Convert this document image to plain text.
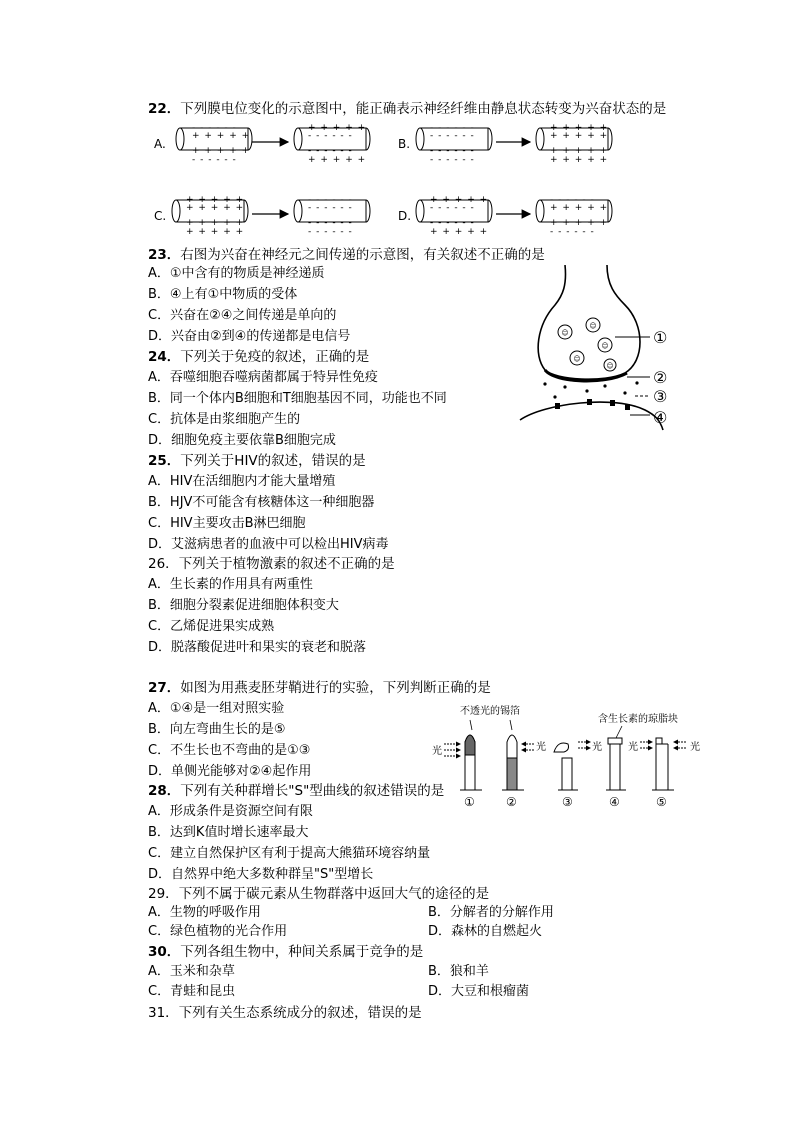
22．下列膜电位变化的示意图中，能正确表示神经纤维由静息状态转变为兴奋状态的是
A.
- - - - - -
+ + + + +
+ + + + +
- - - - - -
+ + + + +
- - - - - -
- - - - - -
+ + + + +
B.
- - - - - -
- - - - - -
- - - - - -
- - - - - -
+ + + + +
+ + + + +
+ + + + +
+ + + + +
C.
+ + + + +
+ + + + +
+ + + + +
+ + + + +
- - - - - -
- - - - - -
- - - - - -
- - - - - -
D.
+ + + + +
- - - - - -
- - - - - -
+ + + + +
- - - - - -
+ + + + +
+ + + + +
- - - - - -
23．右图为兴奋在神经元之间传递的示意图，有关叙述不正确的是
A．①中含有的物质是神经递质
B．④上有①中物质的受体
C．兴奋在②④之间传递是单向的
D．兴奋由②到④的传递都是电信号	☺
☺
☺
☺
☺
①
②
③
④
24．下列关于免疫的叙述，正确的是
A．吞噬细胞吞噬病菌都属于特异性免疫
B．同一个体内B细胞和T细胞基因不同，功能也不同
C．抗体是由浆细胞产生的
D．细胞免疫主要依靠B细胞完成
25．下列关于HIV的叙述，错误的是
A．HIV在活细胞内才能大量增殖
B．HJV不可能含有核糖体这一种细胞器
C．HIV主要攻击B淋巴细胞
D．艾滋病患者的血液中可以检出HIV病毒
26．下列关于植物激素的叙述不正确的是
A．生长素的作用具有两重性
B．细胞分裂素促进细胞体积变大
C．乙烯促进果实成熟
D．脱落酸促进叶和果实的衰老和脱落
27．如图为用燕麦胚芽鞘进行的实验，下列判断正确的是
A．①④是一组对照实验
B．向左弯曲生长的是⑤
C．不生长也不弯曲的是①③
D．单侧光能够对②④起作用
不透光的锡箔
含生长素的琼脂块
光
①
光
②	③
光
④
光	光
⑤
28．下列有关种群增长"S"型曲线的叙述错误的是
A．形成条件是资源空间有限
B．达到K值时增长速率最大
C．建立自然保护区有利于提高大熊猫环境容纳量
D．自然界中绝大多数种群呈"S"型增长
29．下列不属于碳元素从生物群落中返回大气的途径的是
A．生物的呼吸作用	B．分解者的分解作用
C．绿色植物的光合作用	D．森林的自燃起火
30．下列各组生物中，种间关系属于竞争的是
A．玉米和杂草	B．狼和羊
C．青蛙和昆虫	D．大豆和根瘤菌
31．下列有关生态系统成分的叙述，错误的是
